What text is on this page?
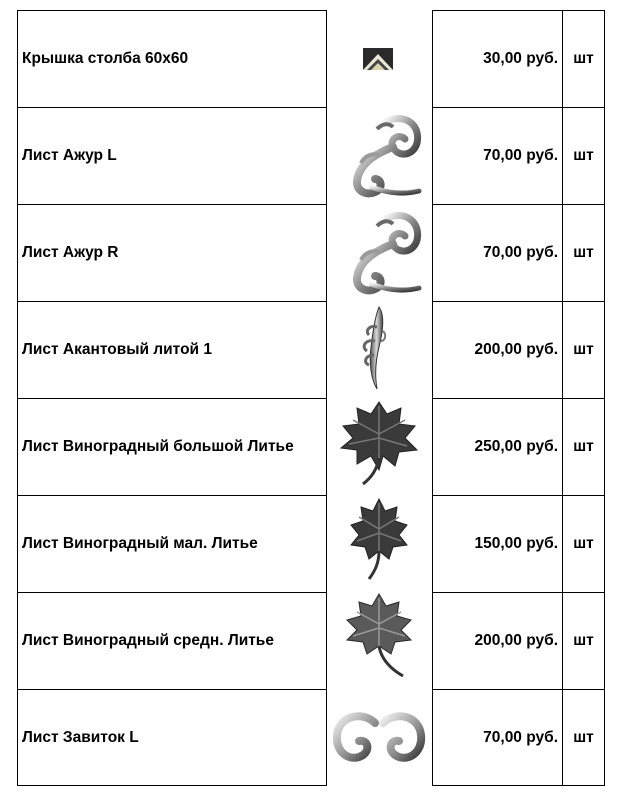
Крышка столба 60х60	30,00 руб. шт
Лист Ажур L	70,00 руб. шт
Лист Ажур R	70,00 руб. шт
Лист Акантовый литой 1	200,00 руб. шт
Лист Виноградный большой Литье	250,00 руб. шт
Лист Виноградный мал. Литье	150,00 руб. шт
Лист Виноградный средн. Литье	200,00 руб. шт
Лист Завиток L	70,00 руб. шт
